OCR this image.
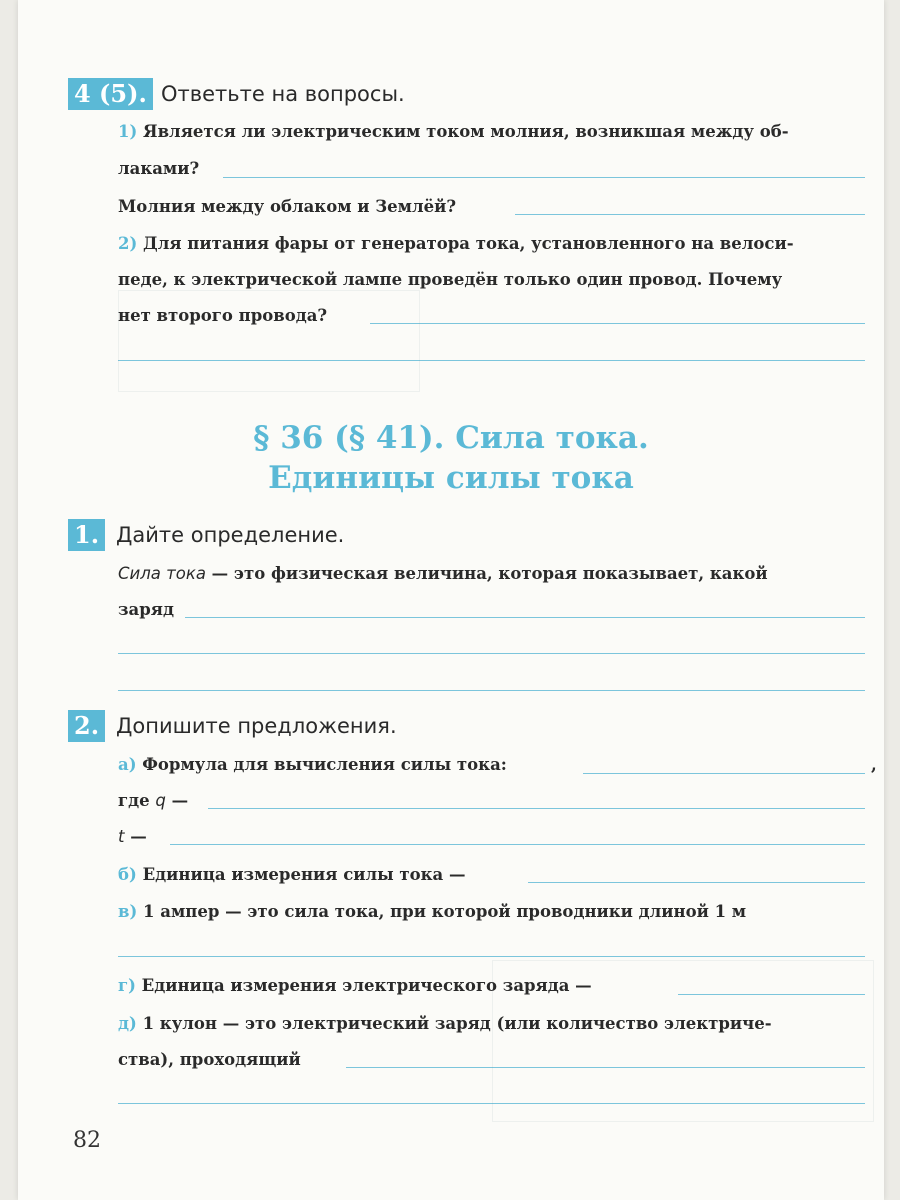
4 (5). Ответьте на вопросы.
1) Является ли электрическим током молния, возникшая между об-
лаками?
Молния между облаком и Землёй?
2) Для питания фары от генератора тока, установленного на велоси-
педе, к электрической лампе проведён только один провод. Почему
нет второго провода?
§ 36 (§ 41). Сила тока.
Единицы силы тока
1. Дайте определение.
Сила тока — это физическая величина, которая показывает, какой
заряд
2. Допишите предложения.
а) Формула для вычисления силы тока:	,
где q —
t —
б) Единица измерения силы тока —
в) 1 ампер — это сила тока, при которой проводники длиной 1 м
г) Единица измерения электрического заряда —
д) 1 кулон — это электрический заряд (или количество электриче-
ства), проходящий
82
